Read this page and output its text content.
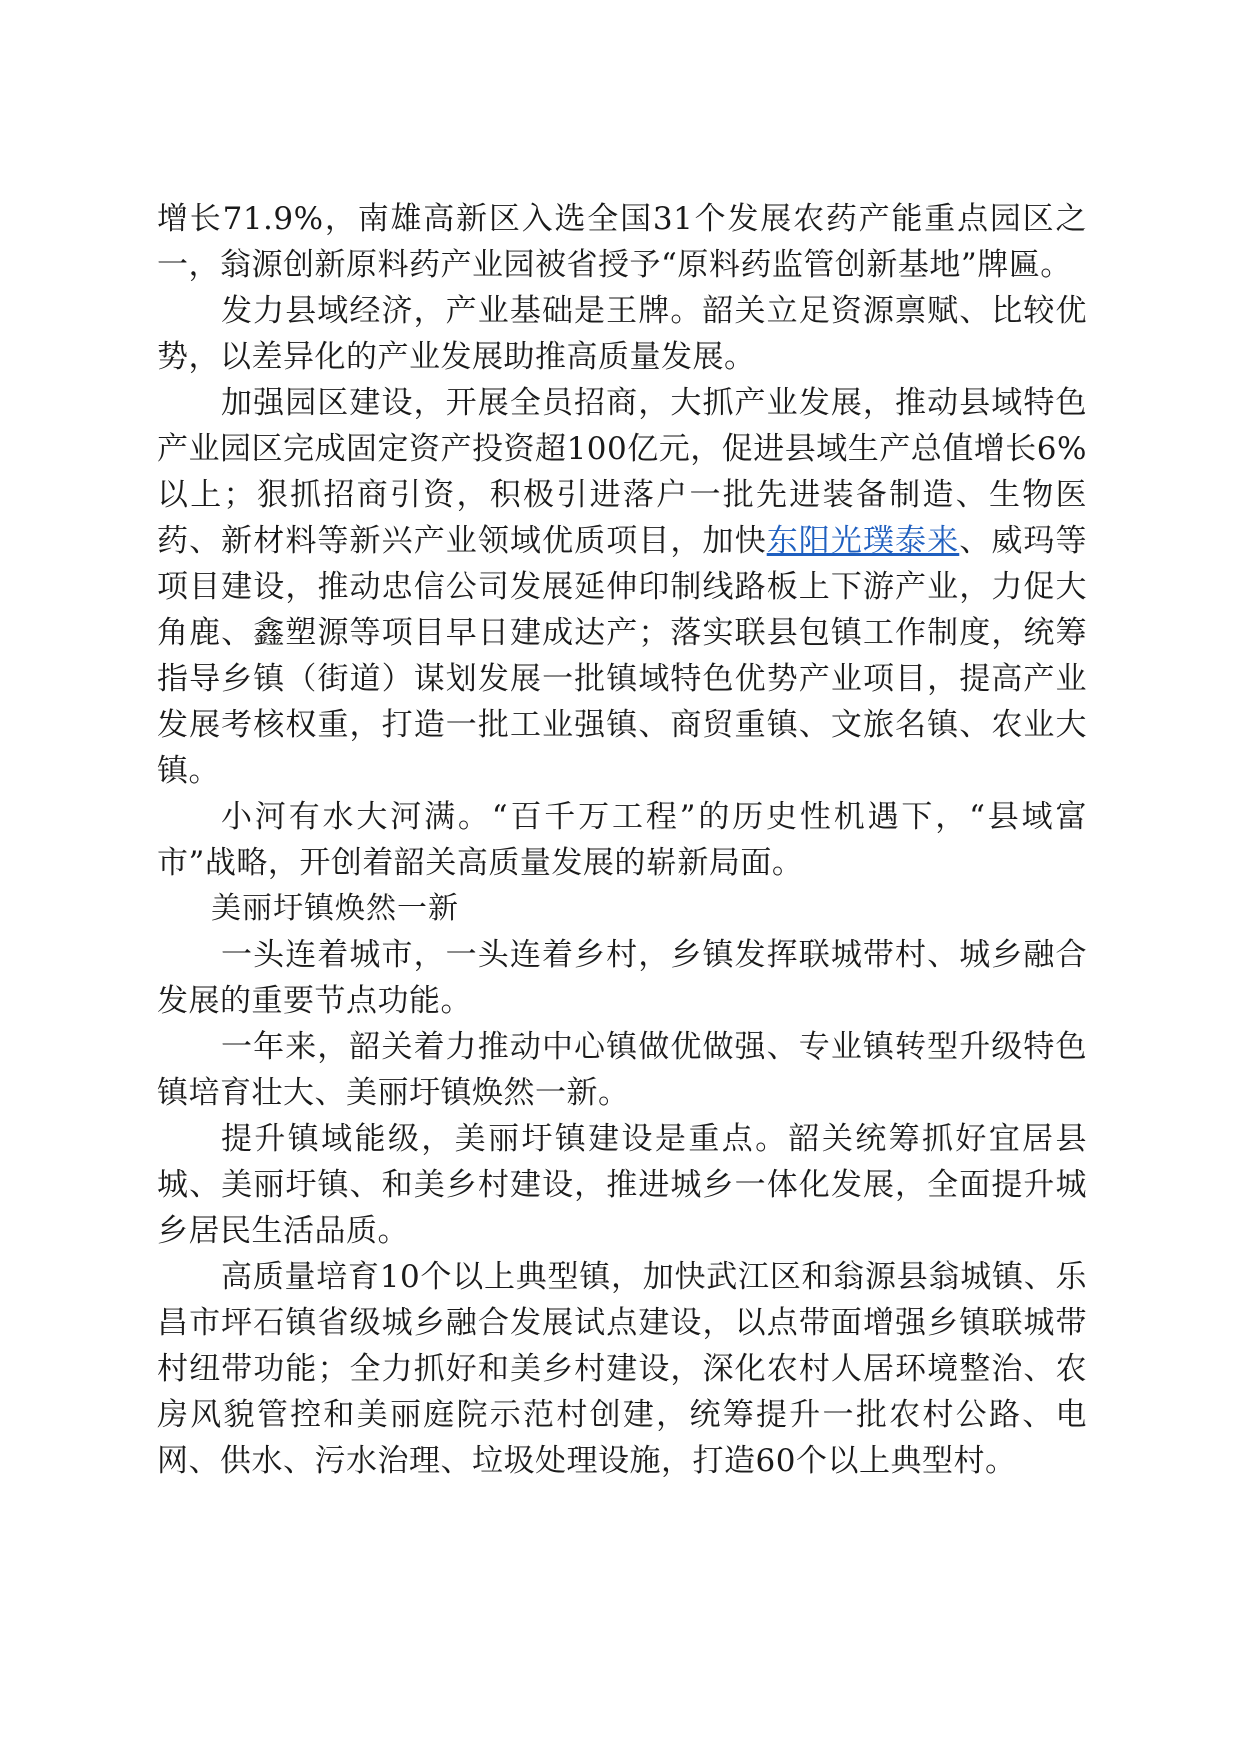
增长71.9%，南雄高新区入选全国31个发展农药产能重点园区之一，翁源创新原料药产业园被省授予“原料药监管创新基地”牌匾。

发力县域经济，产业基础是王牌。韶关立足资源禀赋、比较优势，以差异化的产业发展助推高质量发展。

加强园区建设，开展全员招商，大抓产业发展，推动县域特色产业园区完成固定资产投资超100亿元，促进县域生产总值增长6%以上；狠抓招商引资，积极引进落户一批先进装备制造、生物医药、新材料等新兴产业领域优质项目，加快东阳光璞泰来、威玛等项目建设，推动忠信公司发展延伸印制线路板上下游产业，力促大角鹿、鑫塑源等项目早日建成达产；落实联县包镇工作制度，统筹指导乡镇（街道）谋划发展一批镇域特色优势产业项目，提高产业发展考核权重，打造一批工业强镇、商贸重镇、文旅名镇、农业大镇。

小河有水大河满。“百千万工程”的历史性机遇下，“县域富市”战略，开创着韶关高质量发展的崭新局面。

美丽圩镇焕然一新

一头连着城市，一头连着乡村，乡镇发挥联城带村、城乡融合发展的重要节点功能。

一年来，韶关着力推动中心镇做优做强、专业镇转型升级特色镇培育壮大、美丽圩镇焕然一新。

提升镇域能级，美丽圩镇建设是重点。韶关统筹抓好宜居县城、美丽圩镇、和美乡村建设，推进城乡一体化发展，全面提升城乡居民生活品质。

高质量培育10个以上典型镇，加快武江区和翁源县翁城镇、乐昌市坪石镇省级城乡融合发展试点建设，以点带面增强乡镇联城带村纽带功能；全力抓好和美乡村建设，深化农村人居环境整治、农房风貌管控和美丽庭院示范村创建，统筹提升一批农村公路、电网、供水、污水治理、垃圾处理设施，打造60个以上典型村。
